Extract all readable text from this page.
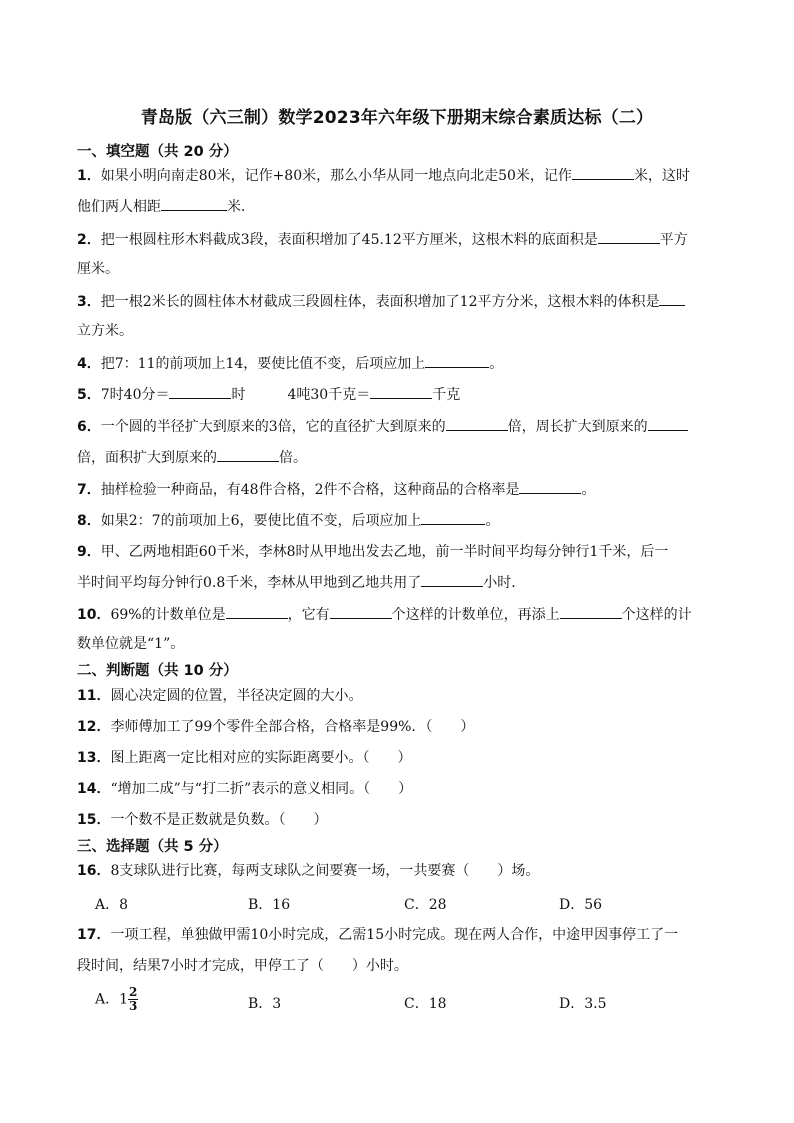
青岛版（六三制）数学2023年六年级下册期末综合素质达标（二）
一、填空题（共 20 分）
1．如果小明向南走80米，记作+80米，那么小华从同一地点向北走50米，记作	米，这时
他们两人相距	米．
2．把一根圆柱形木料截成3段，表面积增加了45.12平方厘米，这根木料的底面积是	平方
厘米。
3．把一根2米长的圆柱体木材截成三段圆柱体，表面积增加了12平方分米，这根木料的体积是
立方米。
4．把7：11的前项加上14，要使比值不变，后项应加上	。
5．7时40分＝	时	4吨30千克＝	千克
6．一个圆的半径扩大到原来的3倍，它的直径扩大到原来的	倍，周长扩大到原来的
倍，面积扩大到原来的	倍。
7．抽样检验一种商品，有48件合格，2件不合格，这种商品的合格率是	。
8．如果2：7的前项加上6，要使比值不变，后项应加上	。
9．甲、乙两地相距60千米，李林8时从甲地出发去乙地，前一半时间平均每分钟行1千米，后一
半时间平均每分钟行0.8千米，李林从甲地到乙地共用了	小时．
10．69%的计数单位是	，它有	个这样的计数单位，再添上	个这样的计
数单位就是“1”。
二、判断题（共 10 分）
11．圆心决定圆的位置，半径决定圆的大小。
12．李师傅加工了99个零件全部合格，合格率是99%．（　　）
13．图上距离一定比相对应的实际距离要小。（　　）
14．“增加二成”与“打二折”表示的意义相同。（　　）
15．一个数不是正数就是负数。（　　）
三、选择题（共 5 分）
16．8支球队进行比赛，每两支球队之间要赛一场，一共要赛（　　）场。
A．8	B．16	C．28	D．56
17．一项工程，单独做甲需10小时完成，乙需15小时完成。现在两人合作，中途甲因事停工了一
段时间，结果7小时才完成，甲停工了（　　）小时。
A．$1 \frac{2}{3}$	B．3	C．18	D．3.5
